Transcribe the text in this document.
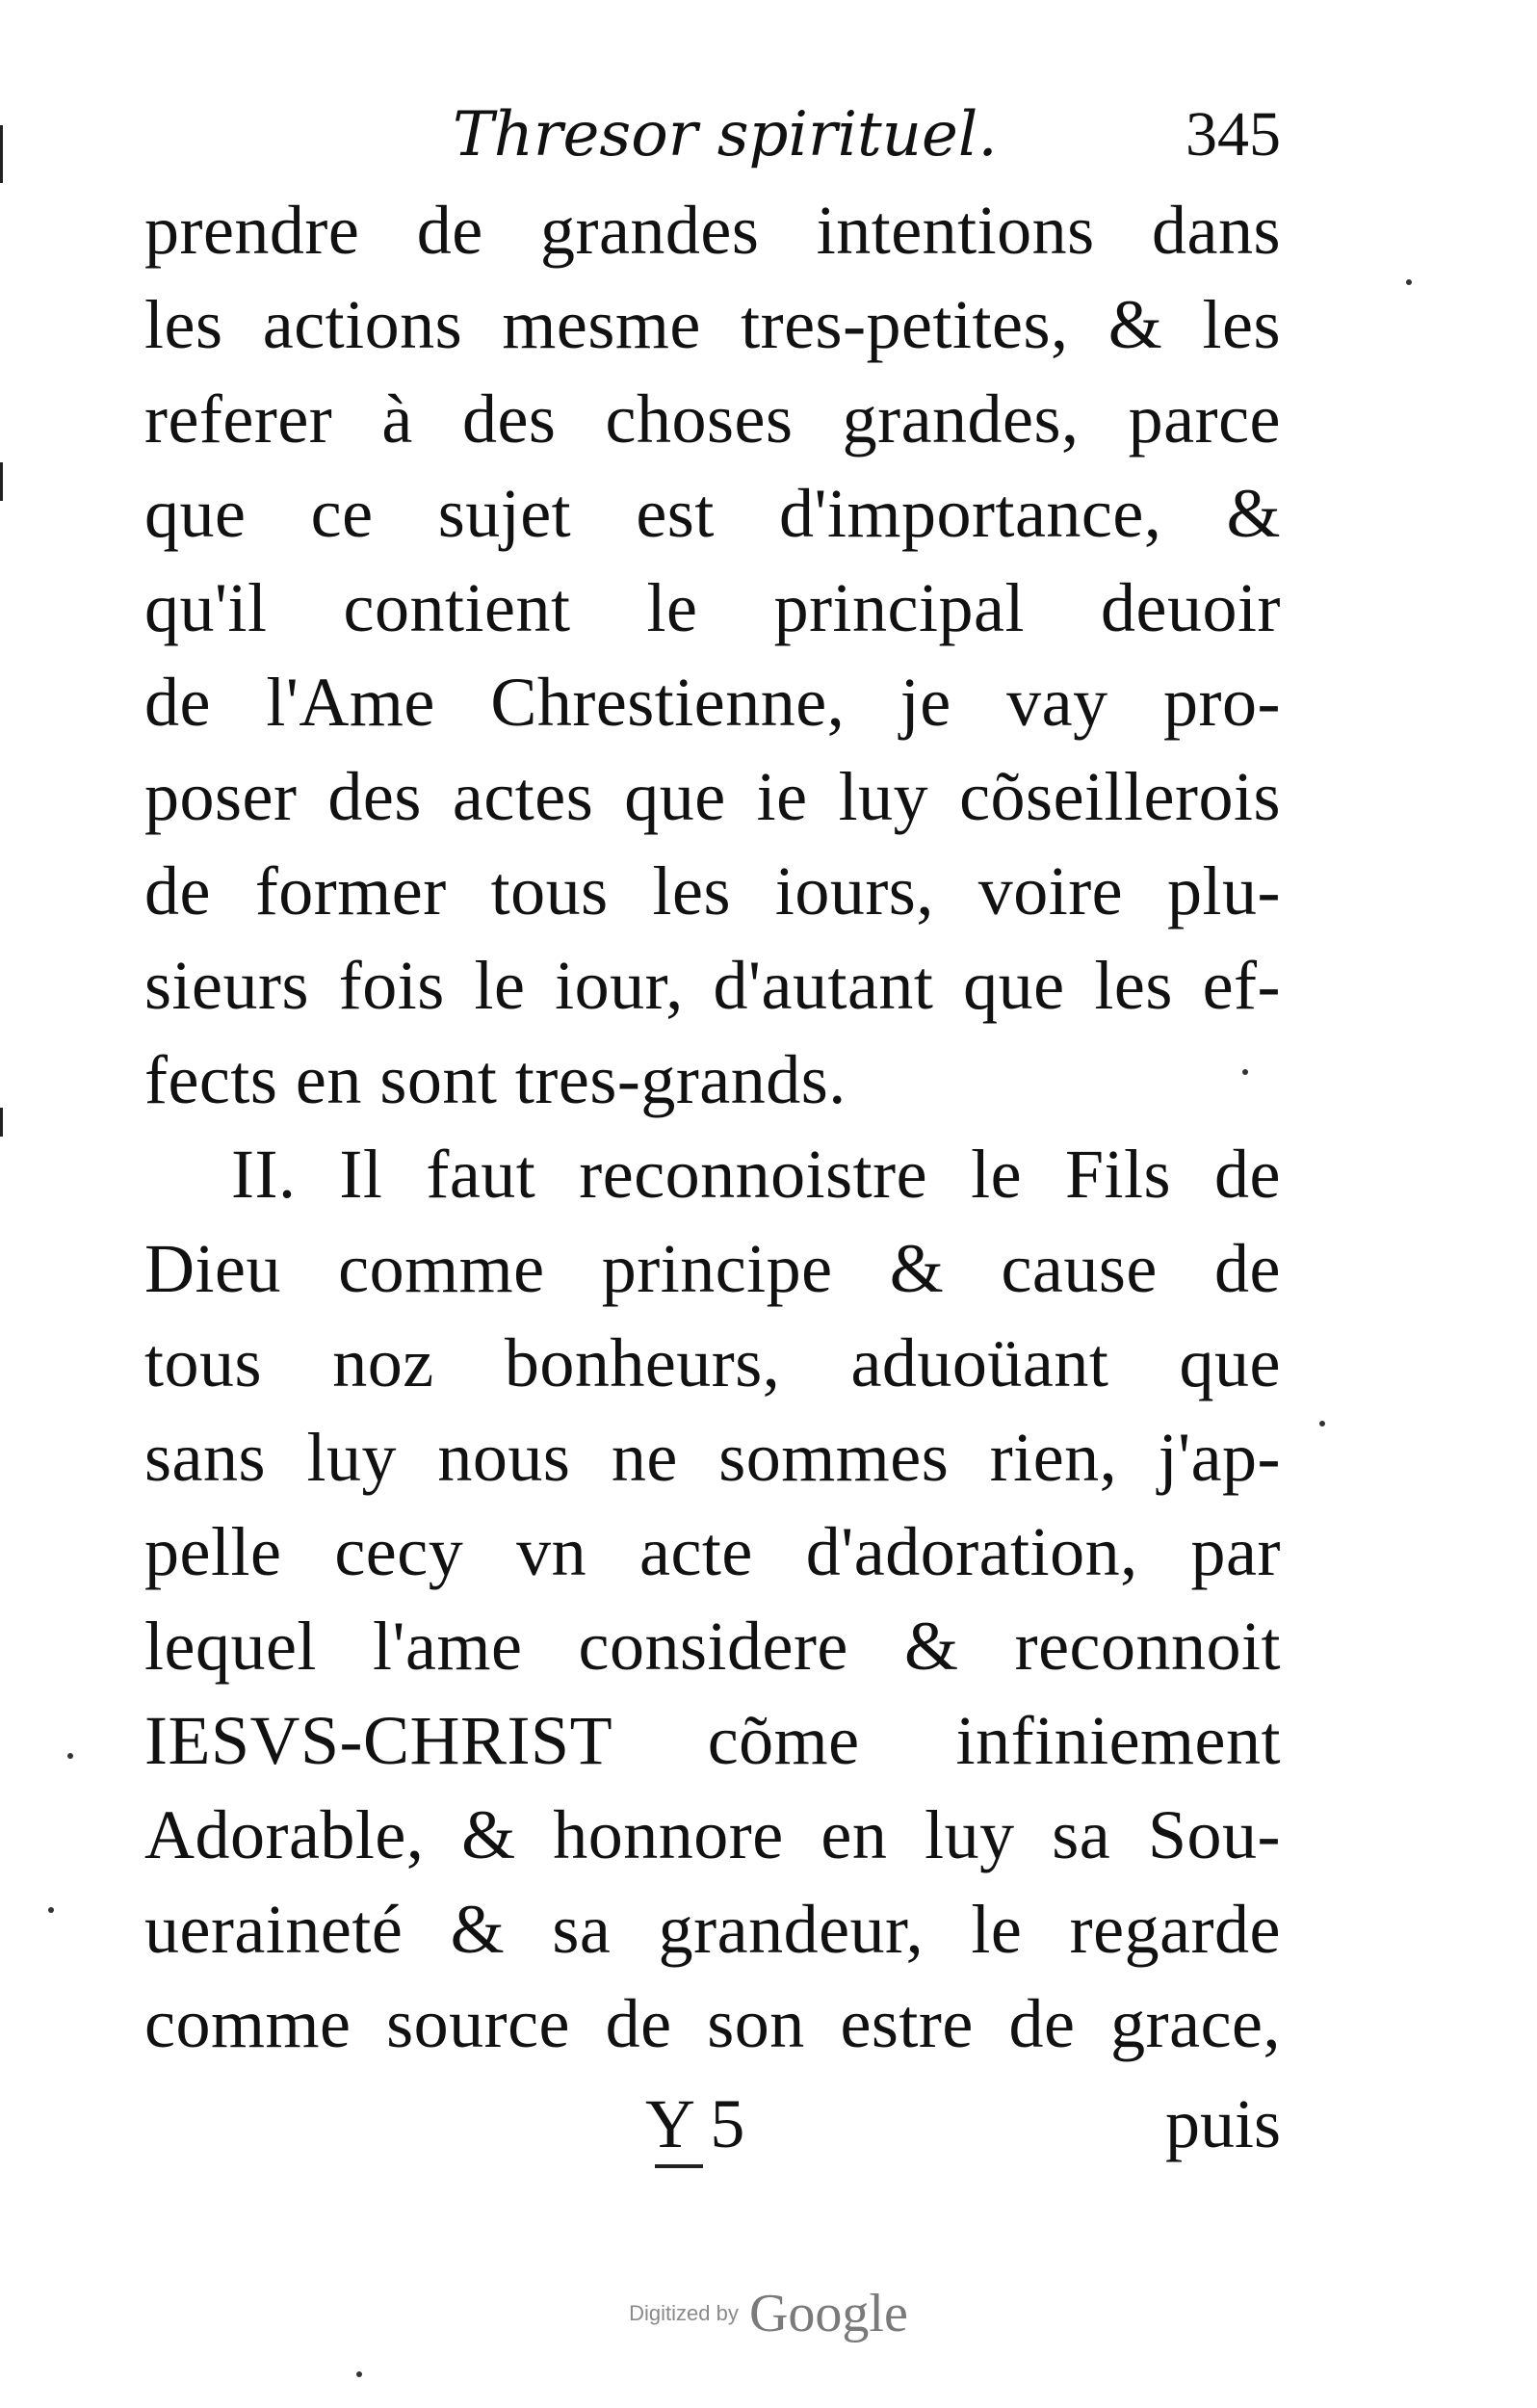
Thresor spirituel.	345
prendre de grandes intentions dans
les actions mesme tres-petites, & les
referer à des choses grandes, parce
que ce sujet est d'importance, &
qu'il contient le principal deuoir
de l'Ame Chrestienne, je vay pro-
poser des actes que ie luy cõseillerois
de former tous les iours, voire plu-
sieurs fois le iour, d'autant que les ef-
fects en sont tres-grands.
II. Il faut reconnoistre le Fils de
Dieu comme principe & cause de
tous noz bonheurs, aduoüant que
sans luy nous ne sommes rien, j'ap-
pelle cecy vn acte d'adoration, par
lequel l'ame considere & reconnoit
IESVS-CHRIST cõme infiniement
Adorable, & honnore en luy sa Sou-
ueraineté & sa grandeur, le regarde
comme source de son estre de grace,
Y 5	puis
Digitized by Google
